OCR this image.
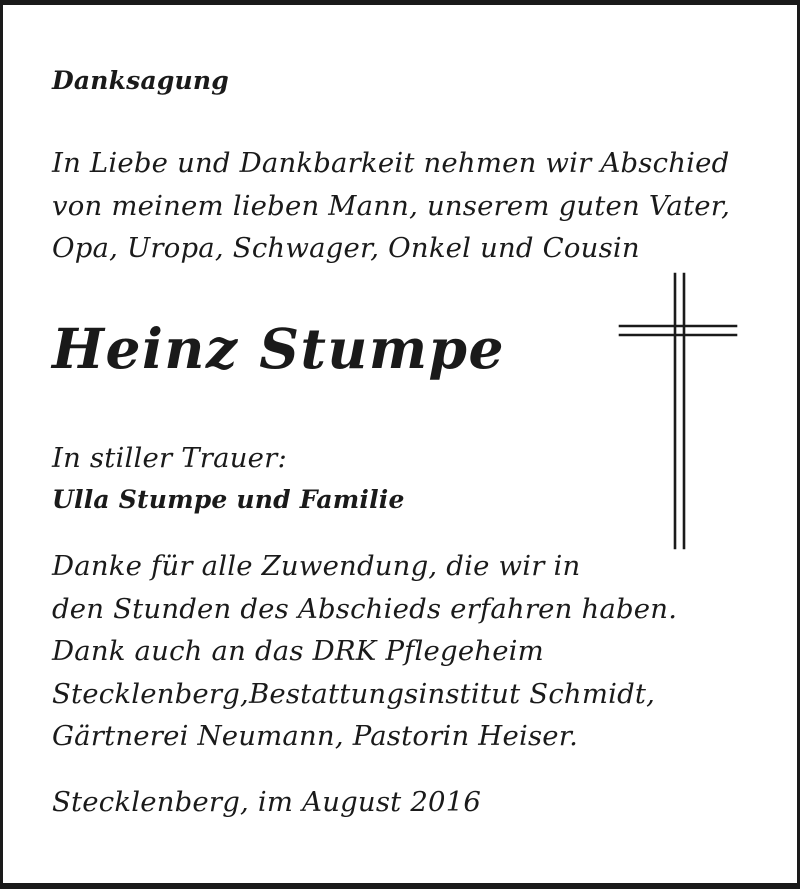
Danksagung
In Liebe und Dankbarkeit nehmen wir Abschied
von meinem lieben Mann, unserem guten Vater,
Opa, Uropa, Schwager, Onkel und Cousin
Heinz Stumpe
In stiller Trauer:
Ulla Stumpe und Familie
Danke für alle Zuwendung, die wir in
den Stunden des Abschieds erfahren haben.
Dank auch an das DRK Pflegeheim
Stecklenberg,Bestattungsinstitut Schmidt,
Gärtnerei Neumann, Pastorin Heiser.
Stecklenberg, im August 2016
